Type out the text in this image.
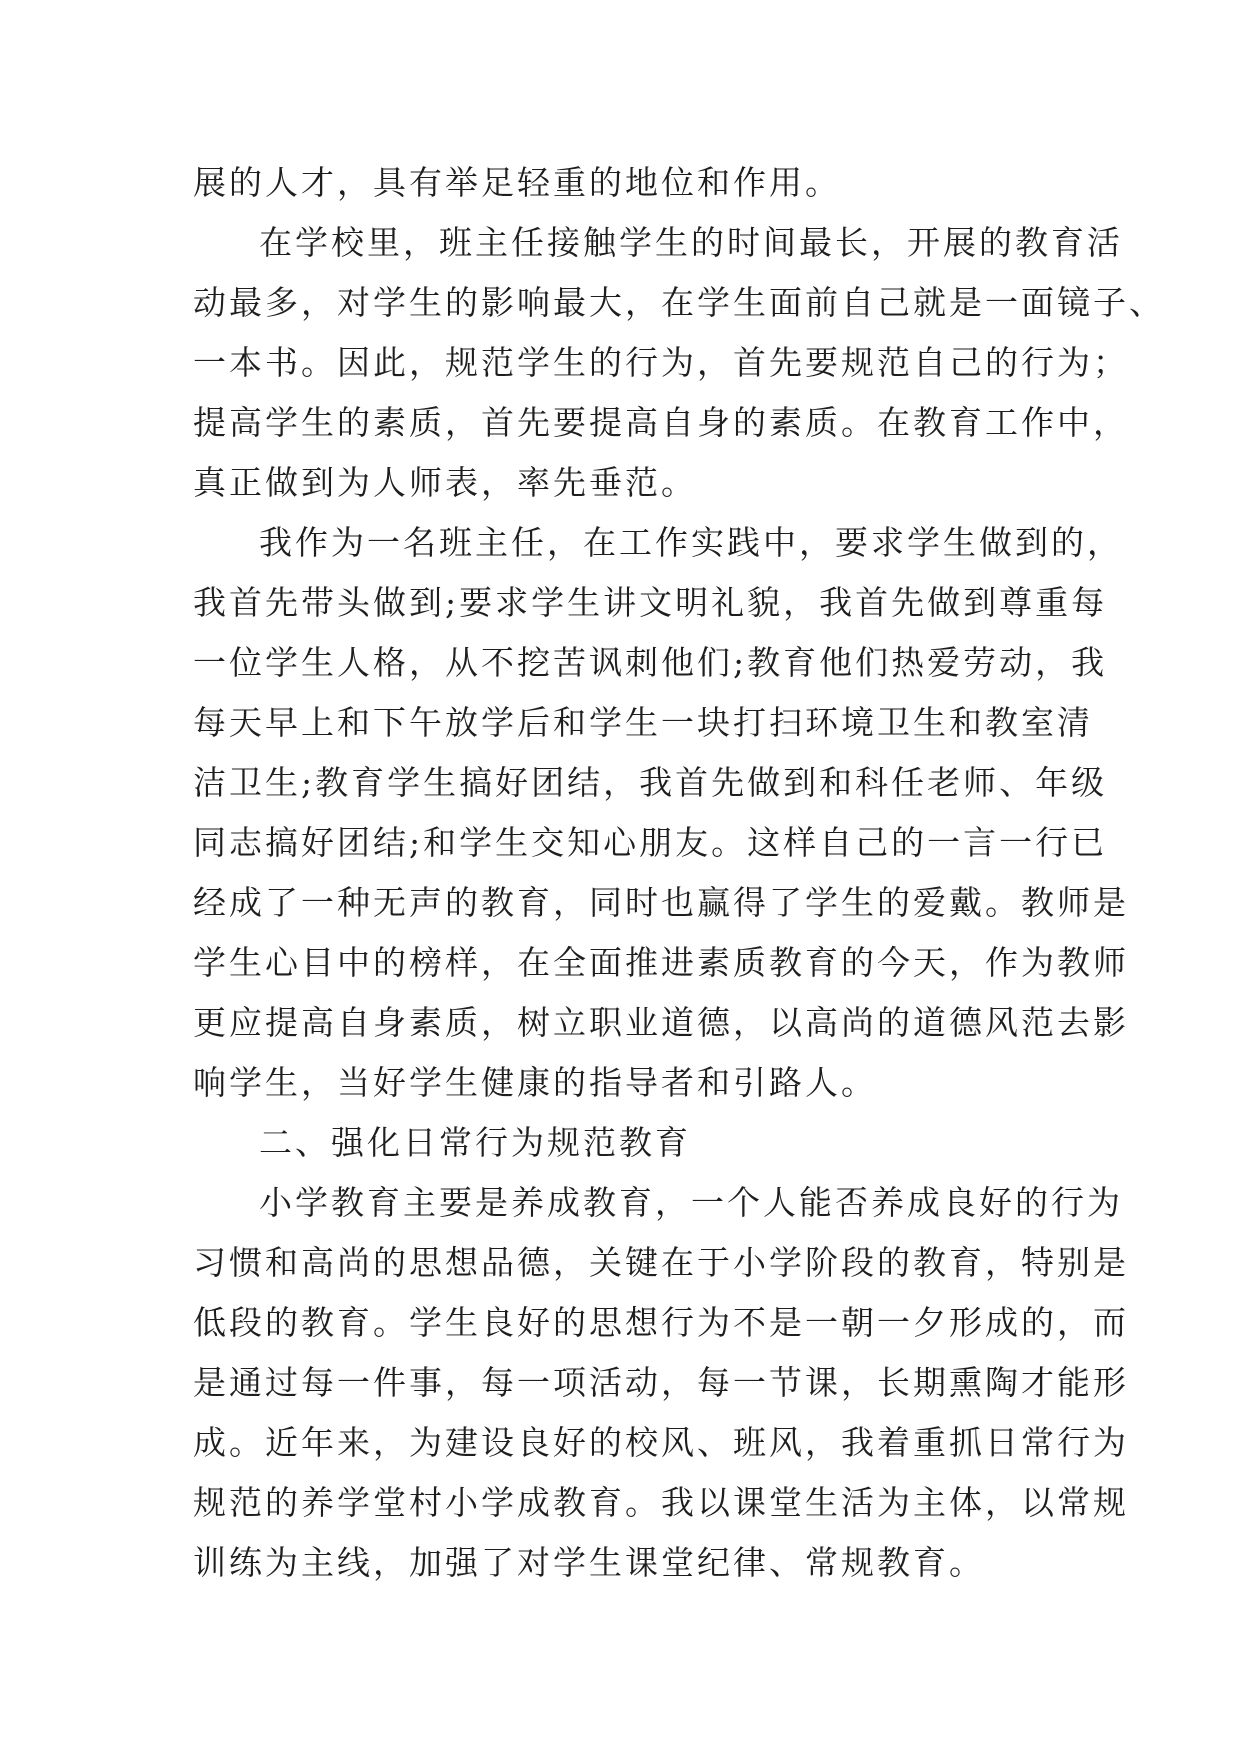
展的人才，具有举足轻重的地位和作用。
在学校里，班主任接触学生的时间最长，开展的教育活
动最多，对学生的影响最大，在学生面前自己就是一面镜子、
一本书。因此，规范学生的行为，首先要规范自己的行为；
提高学生的素质，首先要提高自身的素质。在教育工作中，
真正做到为人师表，率先垂范。
我作为一名班主任，在工作实践中，要求学生做到的，
我首先带头做到;要求学生讲文明礼貌，我首先做到尊重每
一位学生人格，从不挖苦讽刺他们;教育他们热爱劳动，我
每天早上和下午放学后和学生一块打扫环境卫生和教室清
洁卫生;教育学生搞好团结，我首先做到和科任老师、年级
同志搞好团结;和学生交知心朋友。这样自己的一言一行已
经成了一种无声的教育，同时也赢得了学生的爱戴。教师是
学生心目中的榜样，在全面推进素质教育的今天，作为教师
更应提高自身素质，树立职业道德，以高尚的道德风范去影
响学生，当好学生健康的指导者和引路人。
二、强化日常行为规范教育
小学教育主要是养成教育，一个人能否养成良好的行为
习惯和高尚的思想品德，关键在于小学阶段的教育，特别是
低段的教育。学生良好的思想行为不是一朝一夕形成的，而
是通过每一件事，每一项活动，每一节课，长期熏陶才能形
成。近年来，为建设良好的校风、班风，我着重抓日常行为
规范的养学堂村小学成教育。我以课堂生活为主体，以常规
训练为主线，加强了对学生课堂纪律、常规教育。
